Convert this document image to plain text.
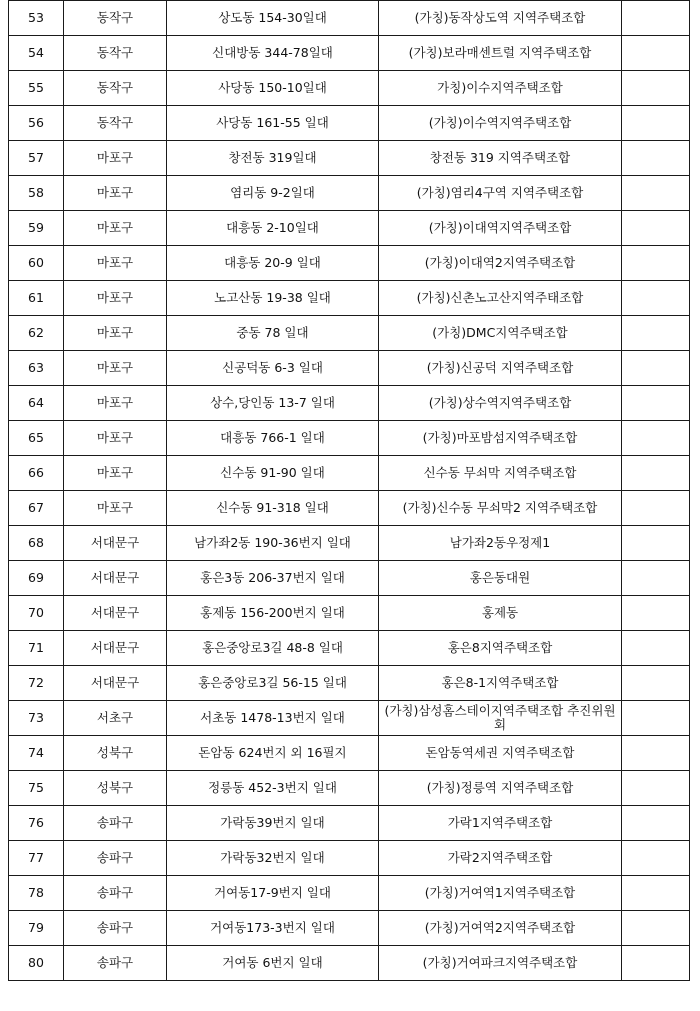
53	동작구	상도동 154-30일대	(가칭)동작상도역 지역주택조합	
54	동작구	신대방동 344-78일대	(가칭)보라매센트럴 지역주택조합	
55	동작구	사당동 150-10일대	가칭)이수지역주택조합	
56	동작구	사당동 161-55 일대	(가칭)이수역지역주택조합	
57	마포구	창전동 319일대	창전동 319 지역주택조합	
58	마포구	염리동 9-2일대	(가칭)염리4구역 지역주택조합	
59	마포구	대흥동 2-10일대	(가칭)이대역지역주택조합	
60	마포구	대흥동 20-9 일대	(가칭)이대역2지역주택조합	
61	마포구	노고산동 19-38 일대	(가칭)신촌노고산지역주태조합	
62	마포구	중동 78 일대	(가칭)DMC지역주택조합	
63	마포구	신공덕동 6-3 일대	(가칭)신공덕 지역주택조합	
64	마포구	상수,당인동 13-7 일대	(가칭)상수역지역주택조합	
65	마포구	대흥동 766-1 일대	(가칭)마포밤섬지역주택조합	
66	마포구	신수동 91-90 일대	신수동 무쇠막 지역주택조합	
67	마포구	신수동 91-318 일대	(가칭)신수동 무쇠막2 지역주택조합	
68	서대문구	남가좌2동 190-36번지 일대	남가좌2동우정제1	
69	서대문구	홍은3동 206-37번지 일대	홍은동대원	
70	서대문구	홍제동 156-200번지 일대	홍제동	
71	서대문구	홍은중앙로3길 48-8 일대	홍은8지역주택조합	
72	서대문구	홍은중앙로3길 56-15 일대	홍은8-1지역주택조합	
73	서초구	서초동 1478-13번지 일대	(가칭)삼성홈스테이지역주택조합 추진위원회	
74	성북구	돈암동 624번지 외 16필지	돈암동역세권 지역주택조합	
75	성북구	정릉동 452-3번지 일대	(가칭)정릉역 지역주택조합	
76	송파구	가락동39번지 일대	가락1지역주택조합	
77	송파구	가락동32번지 일대	가락2지역주택조합	
78	송파구	거여동17-9번지 일대	(가칭)거여역1지역주택조합	
79	송파구	거여동173-3번지 일대	(가칭)거여역2지역주택조합	
80	송파구	거여동 6번지 일대	(가칭)거여파크지역주택조합	
